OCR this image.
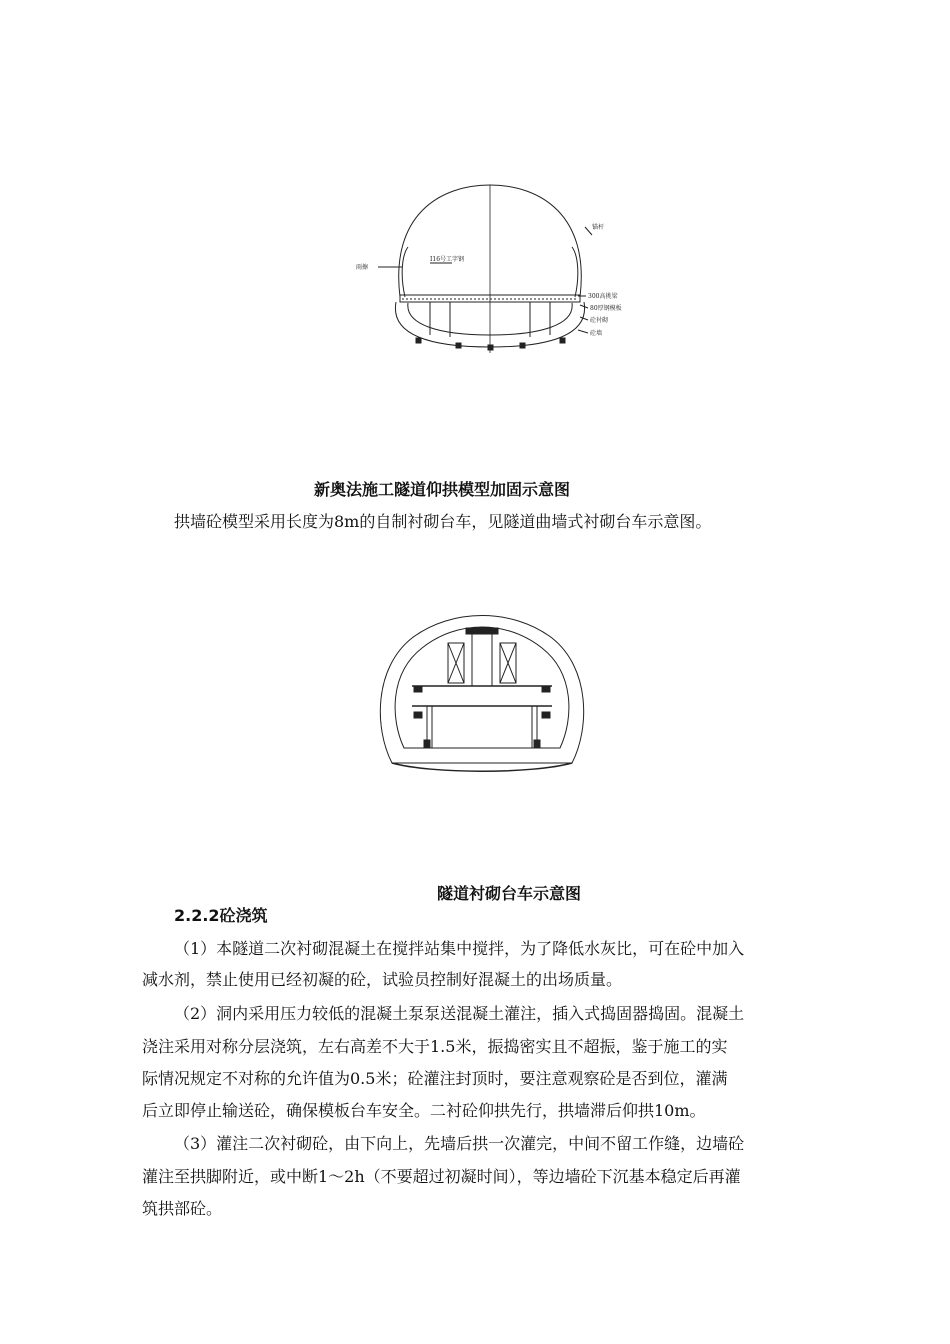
锚杆
雨擦
I16号工字钢
300高挑梁
80厚钢模板
砼衬砌
砼墙
新奥法施工隧道仰拱模型加固示意图
拱墙砼模型采用长度为8m的自制衬砌台车，见隧道曲墙式衬砌台车示意图。
隧道衬砌台车示意图
2.2.2砼浇筑
（1）本隧道二次衬砌混凝土在搅拌站集中搅拌，为了降低水灰比，可在砼中加入
减水剂，禁止使用已经初凝的砼，试验员控制好混凝土的出场质量。
（2）洞内采用压力较低的混凝土泵泵送混凝土灌注，插入式捣固器捣固。混凝土
浇注采用对称分层浇筑，左右高差不大于1.5米，振捣密实且不超振，鉴于施工的实
际情况规定不对称的允许值为0.5米；砼灌注封顶时，要注意观察砼是否到位，灌满
后立即停止输送砼，确保模板台车安全。二衬砼仰拱先行，拱墙滞后仰拱10m。
（3）灌注二次衬砌砼，由下向上，先墙后拱一次灌完，中间不留工作缝，边墙砼
灌注至拱脚附近，或中断1～2h（不要超过初凝时间），等边墙砼下沉基本稳定后再灌
筑拱部砼。
